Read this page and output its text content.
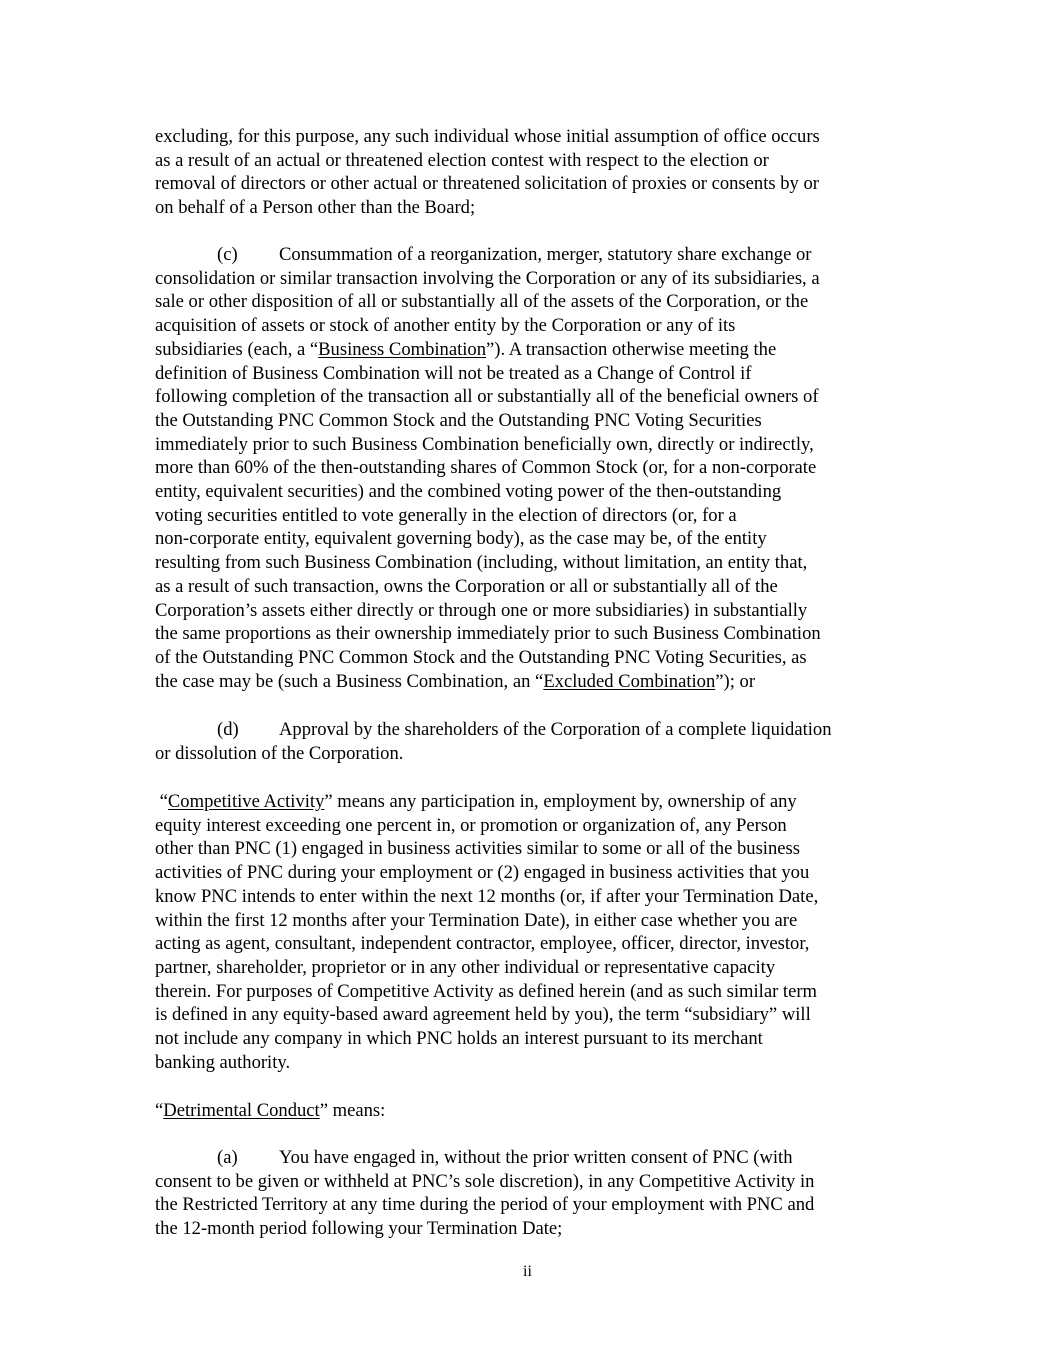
excluding, for this purpose, any such individual whose initial assumption of office occurs
as a result of an actual or threatened election contest with respect to the election or
removal of directors or other actual or threatened solicitation of proxies or consents by or
on behalf of a Person other than the Board;
(c) Consummation of a reorganization, merger, statutory share exchange or
consolidation or similar transaction involving the Corporation or any of its subsidiaries, a
sale or other disposition of all or substantially all of the assets of the Corporation, or the
acquisition of assets or stock of another entity by the Corporation or any of its
subsidiaries (each, a “Business Combination”). A transaction otherwise meeting the
definition of Business Combination will not be treated as a Change of Control if
following completion of the transaction all or substantially all of the beneficial owners of
the Outstanding PNC Common Stock and the Outstanding PNC Voting Securities
immediately prior to such Business Combination beneficially own, directly or indirectly,
more than 60% of the then-outstanding shares of Common Stock (or, for a non-corporate
entity, equivalent securities) and the combined voting power of the then-outstanding
voting securities entitled to vote generally in the election of directors (or, for a
non-corporate entity, equivalent governing body), as the case may be, of the entity
resulting from such Business Combination (including, without limitation, an entity that,
as a result of such transaction, owns the Corporation or all or substantially all of the
Corporation’s assets either directly or through one or more subsidiaries) in substantially
the same proportions as their ownership immediately prior to such Business Combination
of the Outstanding PNC Common Stock and the Outstanding PNC Voting Securities, as
the case may be (such a Business Combination, an “Excluded Combination”); or
(d) Approval by the shareholders of the Corporation of a complete liquidation
or dissolution of the Corporation.
“Competitive Activity” means any participation in, employment by, ownership of any
equity interest exceeding one percent in, or promotion or organization of, any Person
other than PNC (1) engaged in business activities similar to some or all of the business
activities of PNC during your employment or (2) engaged in business activities that you
know PNC intends to enter within the next 12 months (or, if after your Termination Date,
within the first 12 months after your Termination Date), in either case whether you are
acting as agent, consultant, independent contractor, employee, officer, director, investor,
partner, shareholder, proprietor or in any other individual or representative capacity
therein. For purposes of Competitive Activity as defined herein (and as such similar term
is defined in any equity-based award agreement held by you), the term “subsidiary” will
not include any company in which PNC holds an interest pursuant to its merchant
banking authority.
“Detrimental Conduct” means:
(a) You have engaged in, without the prior written consent of PNC (with
consent to be given or withheld at PNC’s sole discretion), in any Competitive Activity in
the Restricted Territory at any time during the period of your employment with PNC and
the 12-month period following your Termination Date;
ii
